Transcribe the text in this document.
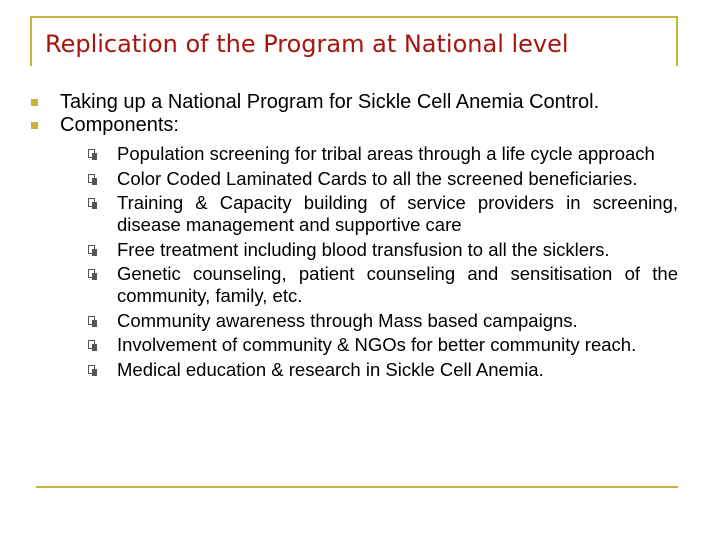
Replication of the Program at National level
Taking up a National Program for Sickle Cell Anemia Control.
Components:
Population screening for tribal areas through a life cycle approach
Color Coded Laminated Cards to all the screened beneficiaries.
Training & Capacity building of service providers in screening, disease management and supportive care
Free treatment including blood transfusion to all the sicklers.
Genetic counseling, patient counseling and sensitisation of the community, family, etc.
Community awareness through Mass based campaigns.
Involvement of community & NGOs for better community reach.
Medical education & research in Sickle Cell Anemia.
